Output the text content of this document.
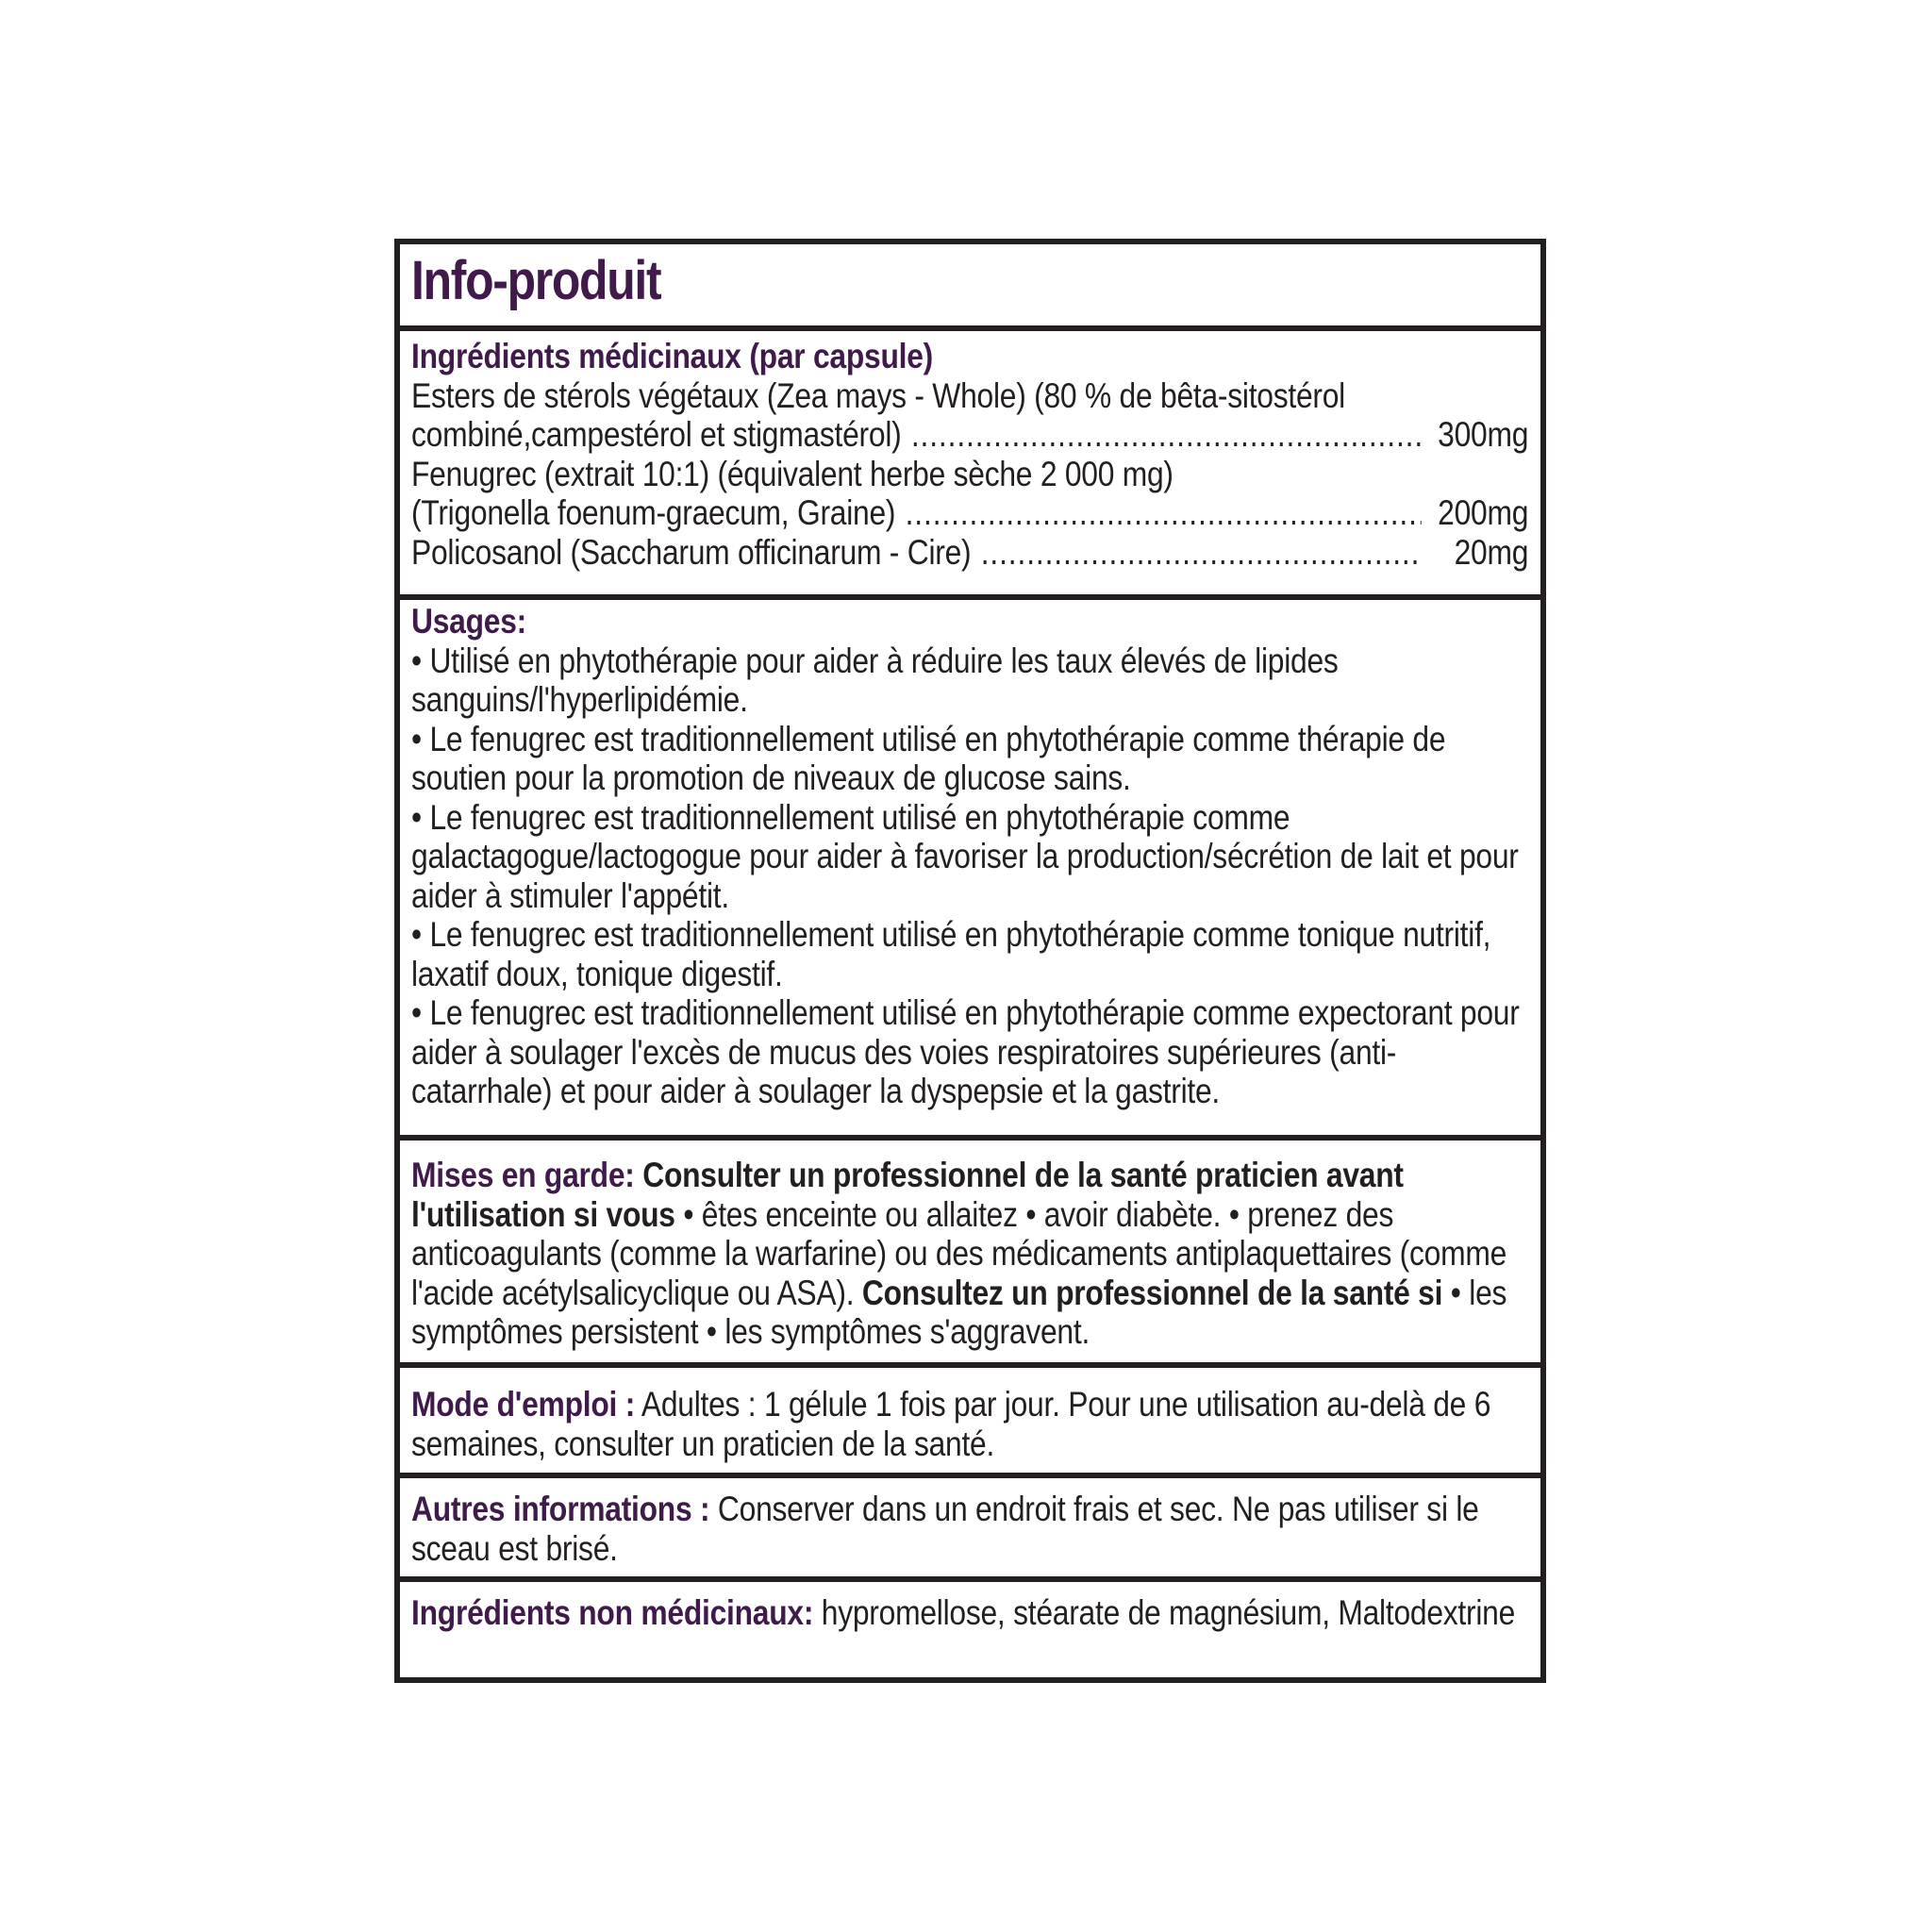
Info-produit

Ingrédients médicinaux (par capsule)

Esters de stérols végétaux (Zea mays - Whole) (80 % de bêta-sitostérol

combiné,campestérol et stigmastérol) .....	300mg

Fenugrec (extrait 10:1) (équivalent herbe sèche 2 000 mg)

(Trigonella foenum-graecum, Graine) .....	200mg
Policosanol (Saccharum officinarum - Cire) .....	20mg

Usages:

• Utilisé en phytothérapie pour aider à réduire les taux élevés de lipides sanguins/l'hyperlipidémie.

• Le fenugrec est traditionnellement utilisé en phytothérapie comme thérapie de soutien pour la promotion de niveaux de glucose sains.

• Le fenugrec est traditionnellement utilisé en phytothérapie comme galactagogue/lactogogue pour aider à favoriser la production/sécrétion de lait et pour aider à stimuler l'appétit.

• Le fenugrec est traditionnellement utilisé en phytothérapie comme tonique nutritif, laxatif doux, tonique digestif.

• Le fenugrec est traditionnellement utilisé en phytothérapie comme expectorant pour aider à soulager l'excès de mucus des voies respiratoires supérieures (anti-catarrhale) et pour aider à soulager la dyspepsie et la gastrite.

Mises en garde: Consulter un professionnel de la santé praticien avant l'utilisation si vous • êtes enceinte ou allaitez • avoir diabète. • prenez des anticoagulants (comme la warfarine) ou des médicaments antiplaquettaires (comme l'acide acétylsalicyclique ou ASA). Consultez un professionnel de la santé si • les symptômes persistent • les symptômes s'aggravent.
Mode d'emploi : Adultes : 1 gélule 1 fois par jour. Pour une utilisation au-delà de 6 semaines, consulter un praticien de la santé.
Autres informations : Conserver dans un endroit frais et sec. Ne pas utiliser si le sceau est brisé.
Ingrédients non médicinaux: hypromellose, stéarate de magnésium, Maltodextrine
